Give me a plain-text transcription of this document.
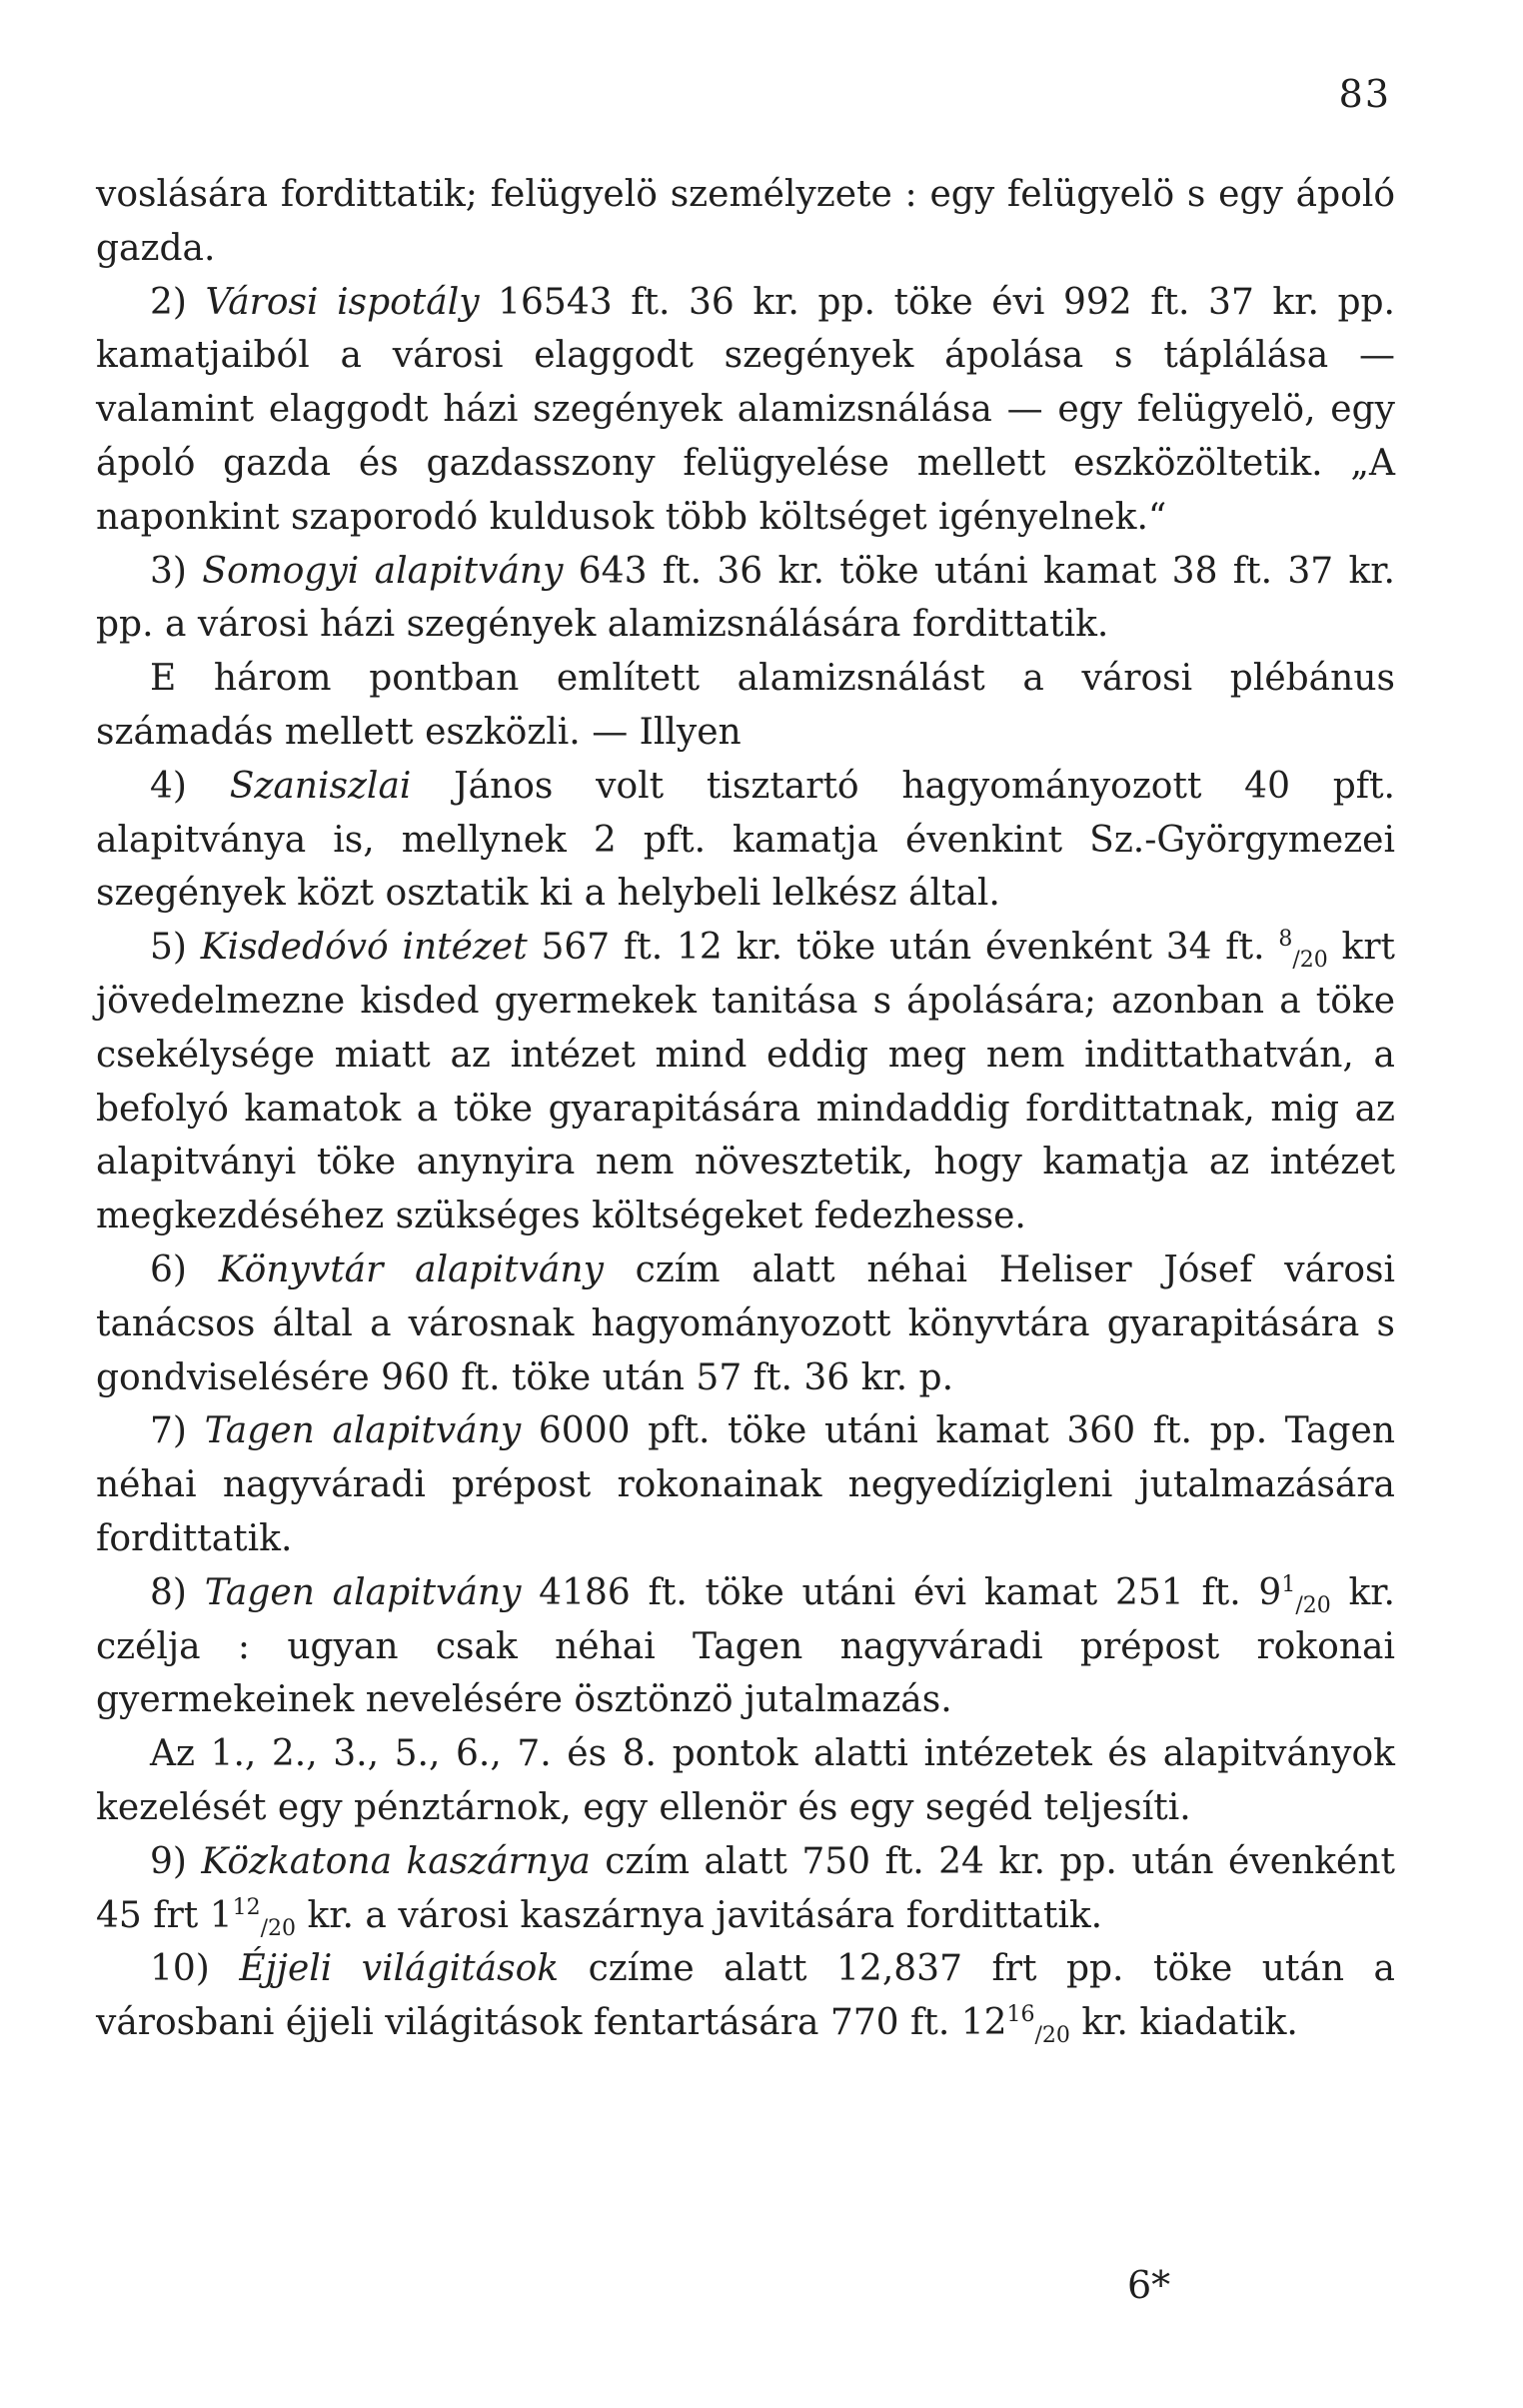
83

voslására fordittatik; felügyelö személyzete : egy felügyelö s egy ápoló gazda.

2) Városi ispotály 16543 ft. 36 kr. pp. töke évi 992 ft. 37 kr. pp. kamatjaiból a városi elaggodt szegények ápolása s táplálása — valamint elaggodt házi szegények alamizsnálása — egy felügyelö, egy ápoló gazda és gazdasszony felügyelése mellett eszközöltetik. „A naponkint szaporodó kuldusok több költséget igényelnek.“

3) Somogyi alapitvány 643 ft. 36 kr. töke utáni kamat 38 ft. 37 kr. pp. a városi házi szegények alamizsnálására fordittatik.

E három pontban említett alamizsnálást a városi plébánus számadás mellett eszközli. — Illyen

4) Szaniszlai János volt tisztartó hagyományozott 40 pft. alapitványa is, mellynek 2 pft. kamatja évenkint Sz.-Györgymezei szegények közt osztatik ki a helybeli lelkész által.

5) Kisdedóvó intézet 567 ft. 12 kr. töke után évenként 34 ft. $^8_{/20}$ krt jövedelmezne kisded gyermekek tanitása s ápolására; azonban a töke csekélysége miatt az intézet mind eddig meg nem indittathatván, a befolyó kamatok a töke gyarapitására mindaddig fordittatnak, mig az alapitványi töke anynyira nem növesztetik, hogy kamatja az intézet megkezdéséhez szükséges költségeket fedezhesse.

6) Könyvtár alapitvány czím alatt néhai Heliser Jósef városi tanácsos által a városnak hagyományozott könyvtára gyarapitására s gondviselésére 960 ft. töke után 57 ft. 36 kr. p.

7) Tagen alapitvány 6000 pft. töke utáni kamat 360 ft. pp. Tagen néhai nagyváradi prépost rokonainak negyedízigleni jutalmazására fordittatik.

8) Tagen alapitvány 4186 ft. töke utáni évi kamat 251 ft. $9^1_{/20}$ kr. czélja : ugyan csak néhai Tagen nagyváradi prépost rokonai gyermekeinek nevelésére ösztönzö jutalmazás.

Az 1., 2., 3., 5., 6., 7. és 8. pontok alatti intézetek és alapitványok kezelését egy pénztárnok, egy ellenör és egy segéd teljesíti.

9) Közkatona kaszárnya czím alatt 750 ft. 24 kr. pp. után évenként 45 frt $1^{12}_{/20}$ kr. a városi kaszárnya javitására fordittatik.

10) Éjjeli világitások czíme alatt 12,837 frt pp. töke után a városbani éjjeli világitások fentartására 770 ft. $12^{16}_{/20}$ kr. kiadatik.

6*
